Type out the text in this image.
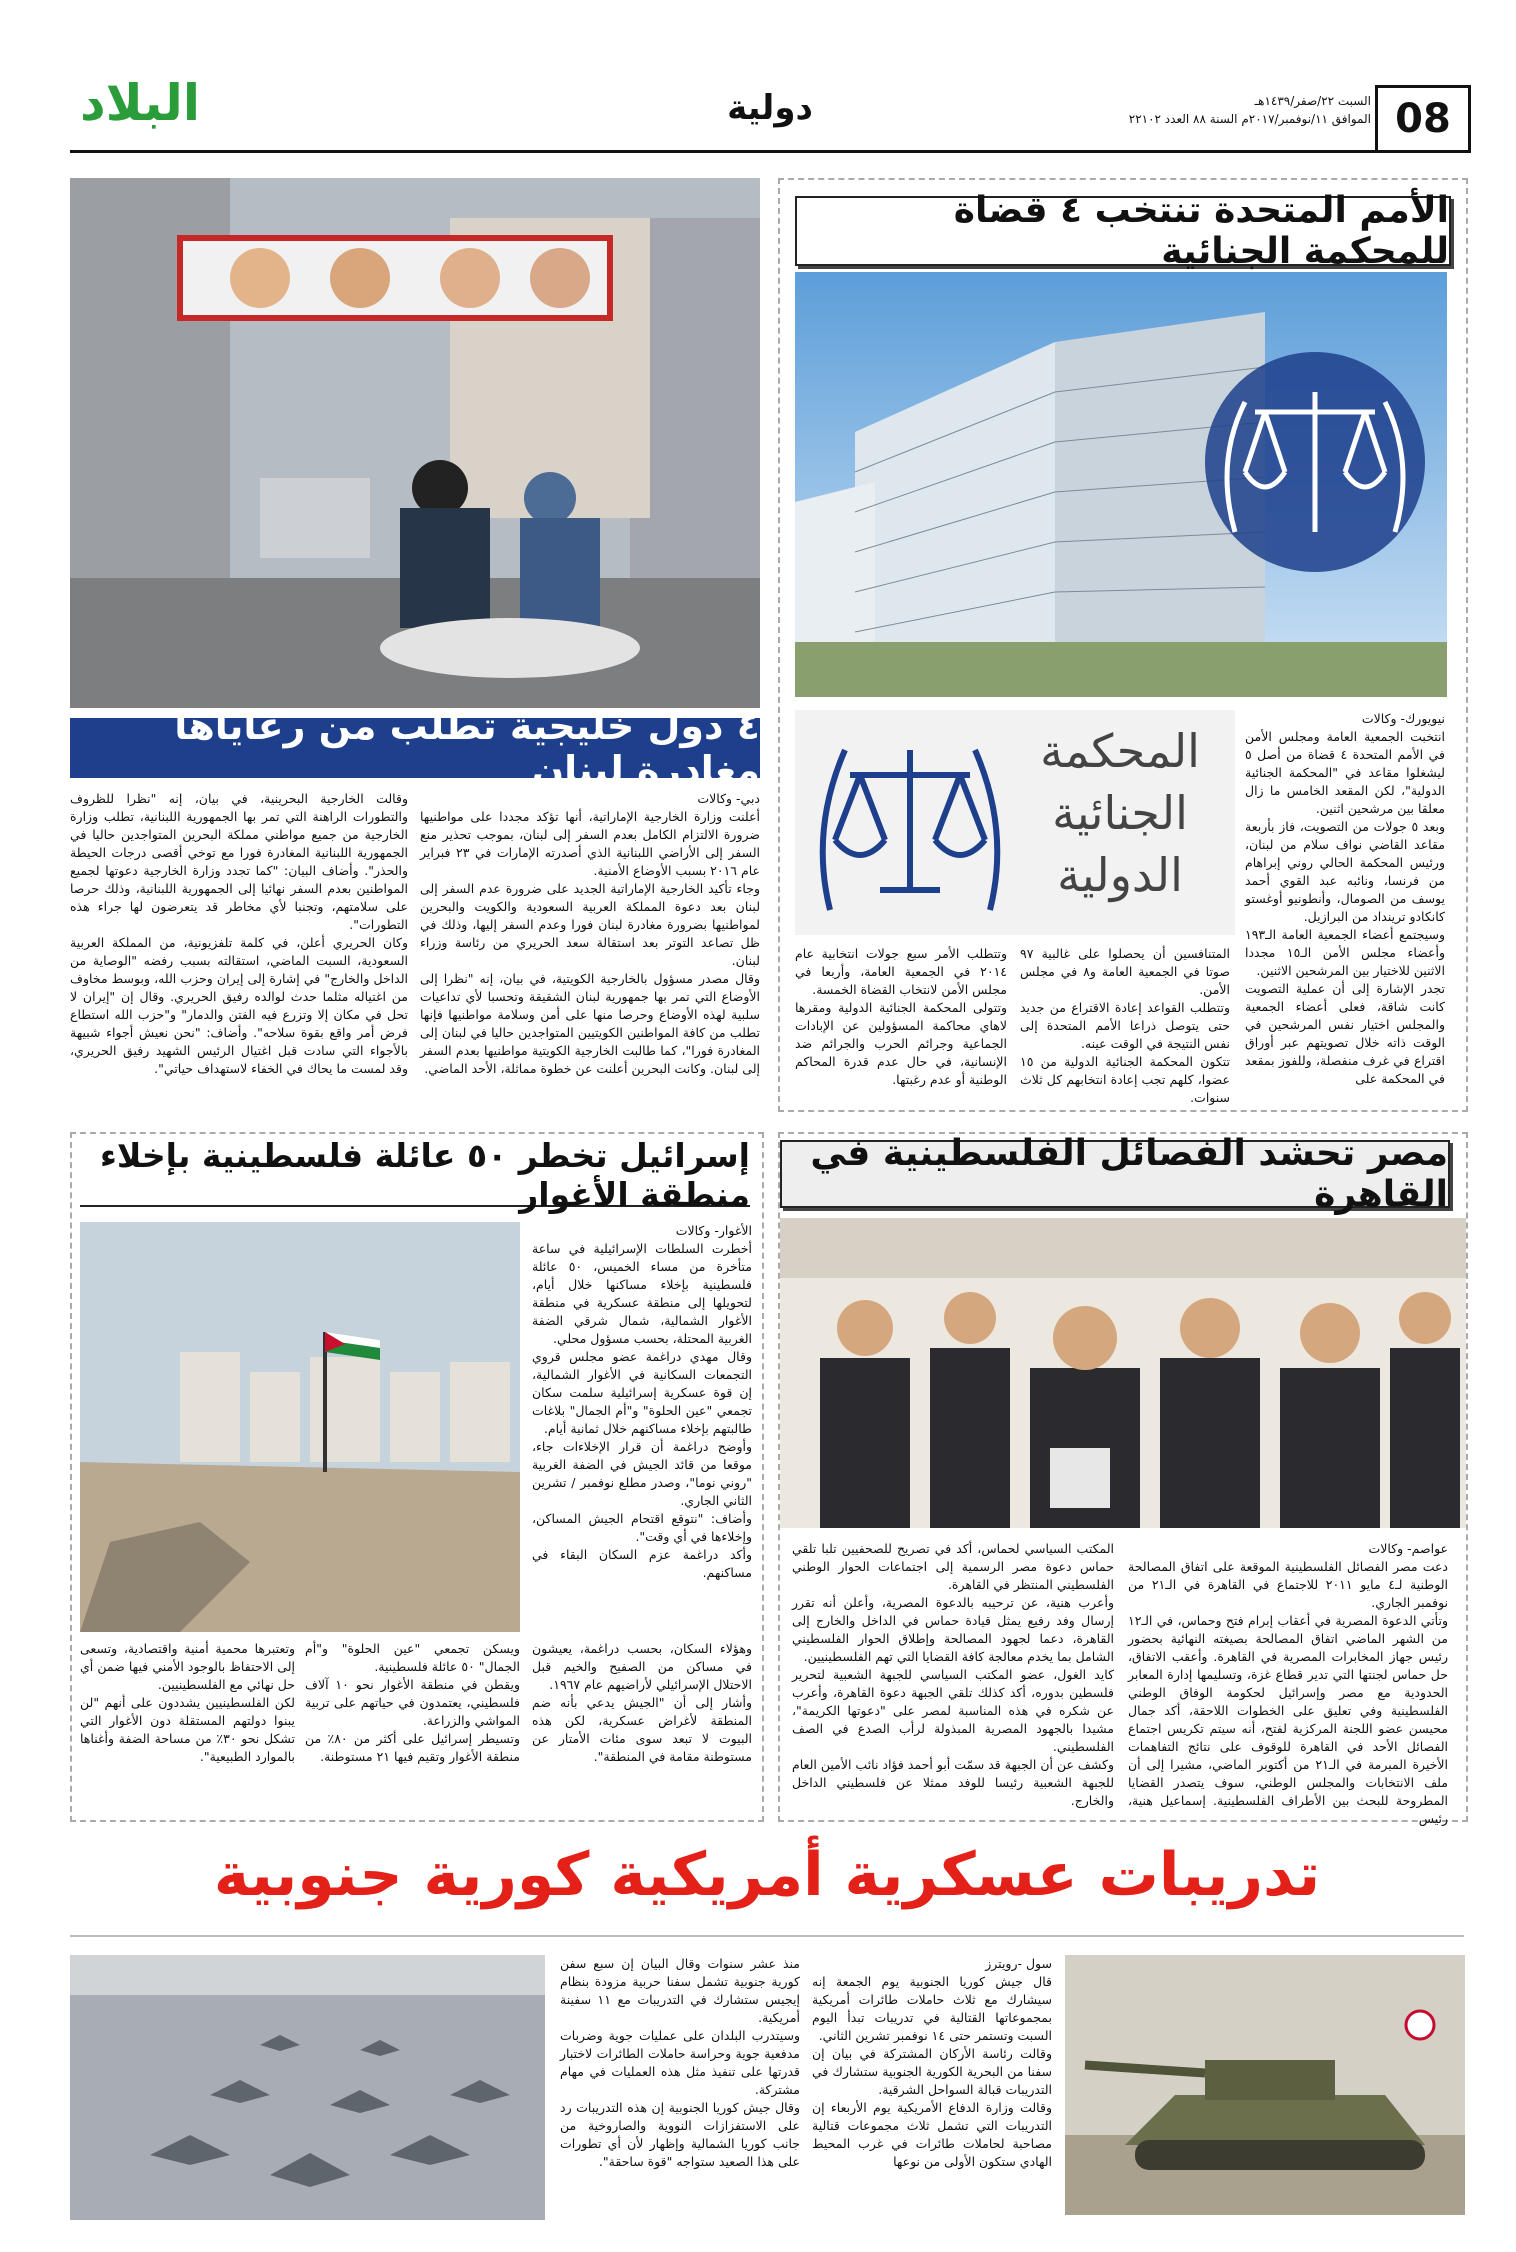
08
السبت ٢٢/صفر/١٤٣٩هـ
الموافق ١١/نوفمبر/٢٠١٧م السنة ٨٨ العدد ٢٢١٠٢
دولية
البلاد
الأمم المتحدة تنتخب ٤ قضاة للمحكمة الجنائية
المحكمة
الجنائية
الدولية
نيويورك- وكالات
انتخبت الجمعية العامة ومجلس الأمن في الأمم المتحدة ٤ قضاة من أصل ٥ ليشغلوا مقاعد في "المحكمة الجنائية الدولية"، لكن المقعد الخامس ما زال معلقا بين مرشحين اثنين.
وبعد ٥ جولات من التصويت، فاز بأربعة مقاعد القاضي نواف سلام من لبنان، ورئيس المحكمة الحالي روني إبراهام من فرنسا، ونائبه عبد القوي أحمد يوسف من الصومال، وأنطونيو أوغستو كانكادو ترينداد من البرازيل.
وسيجتمع أعضاء الجمعية العامة الـ١٩٣ وأعضاء مجلس الأمن الـ١٥ مجددا الاثنين للاختيار بين المرشحين الاثنين.
تجدر الإشارة إلى أن عملية التصويت كانت شاقة، فعلى أعضاء الجمعية والمجلس اختيار نفس المرشحين في الوقت ذاته خلال تصويتهم عبر أوراق اقتراع في غرف منفصلة، وللفوز بمقعد في المحكمة على
المتنافسين أن يحصلوا على غالبية ٩٧ صوتا في الجمعية العامة و٨ في مجلس الأمن.
وتتطلب القواعد إعادة الاقتراع من جديد حتى يتوصل ذراعا الأمم المتحدة إلى نفس النتيجة في الوقت عينه.
تتكون المحكمة الجنائية الدولية من ١٥ عضوا، كلهم تجب إعادة انتخابهم كل ثلاث سنوات.
وتتطلب الأمر سبع جولات انتخابية عام ٢٠١٤ في الجمعية العامة، وأربعا في مجلس الأمن لانتخاب القضاة الخمسة.
وتتولى المحكمة الجنائية الدولية ومقرها لاهاي محاكمة المسؤولين عن الإبادات الجماعية وجرائم الحرب والجرائم ضد الإنسانية، في حال عدم قدرة المحاكم الوطنية أو عدم رغبتها.
٤ دول خليجية تطلب من رعاياها مغادرة لبنان
دبي- وكالات
أعلنت وزارة الخارجية الإماراتية، أنها تؤكد مجددا على مواطنيها ضرورة الالتزام الكامل بعدم السفر إلى لبنان، بموجب تحذير منع السفر إلى الأراضي اللبنانية الذي أصدرته الإمارات في ٢٣ فبراير عام ٢٠١٦ بسبب الأوضاع الأمنية.
وجاء تأكيد الخارجية الإماراتية الجديد على ضرورة عدم السفر إلى لبنان بعد دعوة المملكة العربية السعودية والكويت والبحرين لمواطنيها بضرورة مغادرة لبنان فورا وعدم السفر إليها، وذلك في ظل تصاعد التوتر بعد استقالة سعد الحريري من رئاسة وزراء لبنان.
وقال مصدر مسؤول بالخارجية الكويتية، في بيان، إنه "نظرا إلى الأوضاع التي تمر بها جمهورية لبنان الشقيقة وتحسبا لأي تداعيات سلبية لهذه الأوضاع وحرصا منها على أمن وسلامة مواطنيها فإنها تطلب من كافة المواطنين الكويتيين المتواجدين حاليا في لبنان إلى المغادرة فورا"، كما طالبت الخارجية الكويتية مواطنيها بعدم السفر إلى لبنان. وكانت البحرين أعلنت عن خطوة مماثلة، الأحد الماضي.
وقالت الخارجية البحرينية، في بيان، إنه "نظرا للظروف والتطورات الراهنة التي تمر بها الجمهورية اللبنانية، تطلب وزارة الخارجية من جميع مواطني مملكة البحرين المتواجدين حاليا في الجمهورية اللبنانية المغادرة فورا مع توخي أقصى درجات الحيطة والحذر". وأضاف البيان: "كما تجدد وزارة الخارجية دعوتها لجميع المواطنين بعدم السفر نهائيا إلى الجمهورية اللبنانية، وذلك حرصا على سلامتهم، وتجنبا لأي مخاطر قد يتعرضون لها جراء هذه التطورات".
وكان الحريري أعلن، في كلمة تلفزيونية، من المملكة العربية السعودية، السبت الماضي، استقالته بسبب رفضه "الوصاية من الداخل والخارج" في إشارة إلى إيران وحزب الله، وبوسط مخاوف من اغتياله مثلما حدث لوالده رفيق الحريري. وقال إن "إيران لا تحل في مكان إلا وتزرع فيه الفتن والدمار" و"حزب الله استطاع فرض أمر واقع بقوة سلاحه". وأضاف: "نحن نعيش أجواء شبيهة بالأجواء التي سادت قبل اغتيال الرئيس الشهيد رفيق الحريري، وقد لمست ما يحاك في الخفاء لاستهداف حياتي".
مصر تحشد الفصائل الفلسطينية في القاهرة
عواصم- وكالات
دعت مصر الفصائل الفلسطينية الموقعة على اتفاق المصالحة الوطنية لـ٤ مايو ٢٠١١ للاجتماع في القاهرة في الـ٢١ من نوفمبر الجاري.
وتأتي الدعوة المصرية في أعقاب إبرام فتح وحماس، في الـ١٢ من الشهر الماضي اتفاق المصالحة بصيغته النهائية بحضور رئيس جهاز المخابرات المصرية في القاهرة. وأعقب الاتفاق، حل حماس لجنتها التي تدير قطاع غزة، وتسليمها إدارة المعابر الحدودية مع مصر وإسرائيل لحكومة الوفاق الوطني الفلسطينية وفي تعليق على الخطوات اللاحقة، أكد جمال محيسن عضو اللجنة المركزية لفتح، أنه سيتم تكريس اجتماع الفصائل الأحد في القاهرة للوقوف على نتائج التفاهمات الأخيرة المبرمة في الـ٢١ من أكتوبر الماضي، مشيرا إلى أن ملف الانتخابات والمجلس الوطني، سوف يتصدر القضايا المطروحة للبحث بين الأطراف الفلسطينية. إسماعيل هنية، رئيس
المكتب السياسي لحماس، أكد في تصريح للصحفيين تلبا تلقي حماس دعوة مصر الرسمية إلى اجتماعات الحوار الوطني الفلسطيني المنتظر في القاهرة.
وأعرب هنية، عن ترحيبه بالدعوة المصرية، وأعلن أنه تقرر إرسال وفد رفيع يمثل قيادة حماس في الداخل والخارج إلى القاهرة، دعما لجهود المصالحة وإطلاق الحوار الفلسطيني الشامل بما يخدم معالجة كافة القضايا التي تهم الفلسطينيين.
كايد الغول، عضو المكتب السياسي للجبهة الشعبية لتحرير فلسطين بدوره، أكد كذلك تلقي الجبهة دعوة القاهرة، وأعرب عن شكره في هذه المناسبة لمصر على "دعوتها الكريمة"، مشيدا بالجهود المصرية المبذولة لرأب الصدع في الصف الفلسطيني.
وكشف عن أن الجبهة قد سمّت أبو أحمد فؤاد نائب الأمين العام للجبهة الشعبية رئيسا للوفد ممثلا عن فلسطيني الداخل والخارج.
إسرائيل تخطر ٥٠ عائلة فلسطينية بإخلاء منطقة الأغوار
الأغوار- وكالات
أخطرت السلطات الإسرائيلية في ساعة متأخرة من مساء الخميس، ٥٠ عائلة فلسطينية بإخلاء مساكنها خلال أيام، لتحويلها إلى منطقة عسكرية في منطقة الأغوار الشمالية، شمال شرقي الضفة الغربية المحتلة، بحسب مسؤول محلي.
وقال مهدي دراغمة عضو مجلس قروي التجمعات السكانية في الأغوار الشمالية، إن قوة عسكرية إسرائيلية سلمت سكان تجمعي "عين الحلوة" و"أم الجمال" بلاغات طالبتهم بإخلاء مساكنهم خلال ثمانية أيام.
وأوضح دراغمة أن قرار الإخلاءات جاء، موقعا من قائد الجيش في الضفة الغربية "روني نوما"، وصدر مطلع نوفمبر / تشرين الثاني الجاري.
وأضاف: "نتوقع اقتحام الجيش المساكن، وإخلاءها في أي وقت".
وأكد دراغمة عزم السكان البقاء في مساكنهم.
وهؤلاء السكان، بحسب دراغمة، يعيشون في مساكن من الصفيح والخيم قبل الاحتلال الإسرائيلي لأراضيهم عام ١٩٦٧.
وأشار إلى أن "الجيش يدعي بأنه ضم المنطقة لأغراض عسكرية، لكن هذه البيوت لا تبعد سوى مئات الأمتار عن مستوطنة مقامة في المنطقة".
ويسكن تجمعي "عين الحلوة" و"أم الجمال" ٥٠ عائلة فلسطينية.
ويقطن في منطقة الأغوار نحو ١٠ آلاف فلسطيني، يعتمدون في حياتهم على تربية المواشي والزراعة.
وتسيطر إسرائيل على أكثر من ٨٠٪ من منطقة الأغوار وتقيم فيها ٢١ مستوطنة.
وتعتبرها محمية أمنية واقتصادية، وتسعى إلى الاحتفاظ بالوجود الأمني فيها ضمن أي حل نهائي مع الفلسطينيين.
لكن الفلسطينيين يشددون على أنهم "لن يبنوا دولتهم المستقلة دون الأغوار التي تشكل نحو ٣٠٪ من مساحة الضفة وأغناها بالموارد الطبيعية".
تدريبات عسكرية أمريكية كورية جنوبية
سول -رويترز
قال جيش كوريا الجنوبية يوم الجمعة إنه سيشارك مع ثلاث حاملات طائرات أمريكية بمجموعاتها القتالية في تدريبات تبدأ اليوم السبت وتستمر حتى ١٤ نوفمبر تشرين الثاني.
وقالت رئاسة الأركان المشتركة في بيان إن سفنا من البحرية الكورية الجنوبية ستشارك في التدريبات قبالة السواحل الشرقية.
وقالت وزارة الدفاع الأمريكية يوم الأربعاء إن التدريبات التي تشمل ثلاث مجموعات قتالية مصاحبة لحاملات طائرات في غرب المحيط الهادي ستكون الأولى من نوعها
منذ عشر سنوات وقال البيان إن سبع سفن كورية جنوبية تشمل سفنا حربية مزودة بنظام إيجيس ستشارك في التدريبات مع ١١ سفينة أمريكية.
وسيتدرب البلدان على عمليات جوية وضربات مدفعية جوية وحراسة حاملات الطائرات لاختبار قدرتها على تنفيذ مثل هذه العمليات في مهام مشتركة.
وقال جيش كوريا الجنوبية إن هذه التدريبات رد على الاستفزازات النووية والصاروخية من جانب كوريا الشمالية وإظهار لأن أي تطورات على هذا الصعيد ستواجه "قوة ساحقة".
